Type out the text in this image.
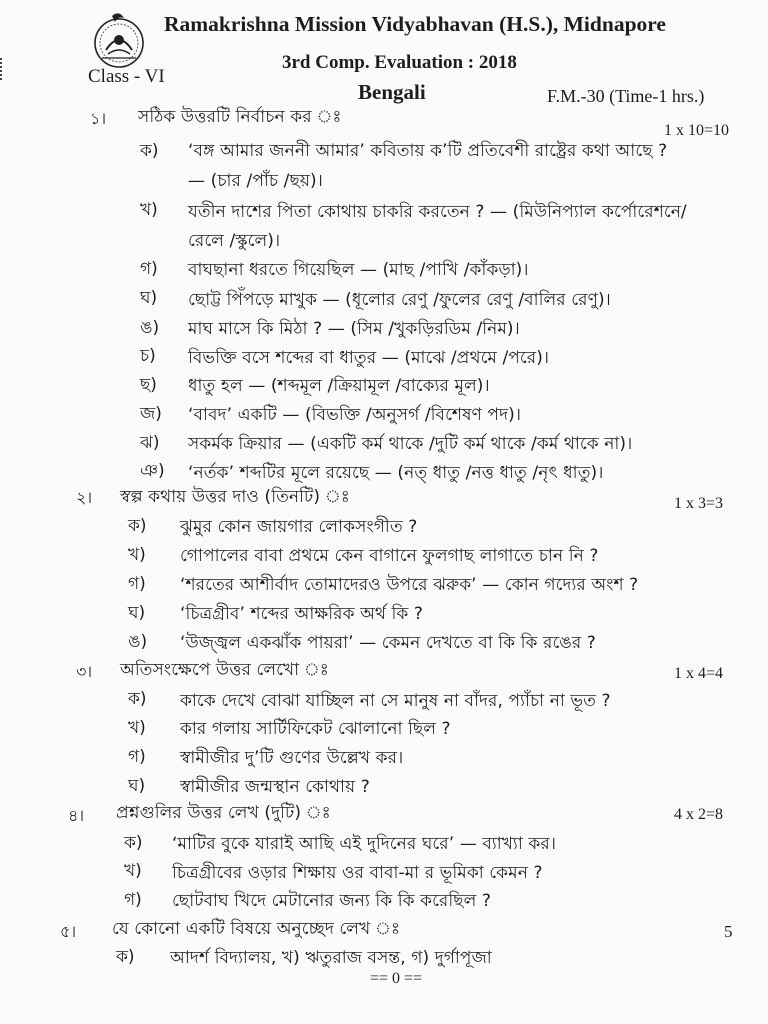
Ramakrishna Mission Vidyabhavan (H.S.), Midnapore
3rd Comp. Evaluation : 2018
Class - VI
Bengali	F.M.-30 (Time-1 hrs.)
১। সঠিক উত্তরটি নির্বাচন কর ঃ
1 x 10=10
ক) ‘বঙ্গ আমার জননী আমার’ কবিতায় ক’টি প্রতিবেশী রাষ্ট্রের কথা আছে ?
— (চার /পাঁচ /ছয়)।
খ) যতীন দাশের পিতা কোথায় চাকরি করতেন ? — (মিউনিপ্যাল কর্পোরেশনে/
রেলে /স্কুলে)।
গ) বাঘছানা ধরতে গিয়েছিল — (মাছ /পাখি /কাঁকড়া)।
ঘ) ছোট্ট পিঁপড়ে মাখুক — (ধূলোর রেণু /ফুলের রেণু /বালির রেণু)।
ঙ) মাঘ মাসে কি মিঠা ? — (সিম /খুকড়িরডিম /নিম)।
চ) বিভক্তি বসে শব্দের বা ধাতুর — (মাঝে /প্রথমে /পরে)।
ছ) ধাতু হল — (শব্দমূল /ক্রিয়ামূল /বাক্যের মূল)।
জ) ‘বাবদ’ একটি — (বিভক্তি /অনুসর্গ /বিশেষণ পদ)।
ঝ) সকর্মক ক্রিয়ার — (একটি কর্ম থাকে /দুটি কর্ম থাকে /কর্ম থাকে না)।
ঞ) ‘নর্তক’ শব্দটির মূলে রয়েছে — (নত্ ধাতু /নত্ত ধাতু /নৃৎ ধাতু)।
২। স্বল্প কথায় উত্তর দাও (তিনটি) ঃ	1 x 3=3
ক) ঝুমুর কোন জায়গার লোকসংগীত ?
খ) গোপালের বাবা প্রথমে কেন বাগানে ফুলগাছ লাগাতে চান নি ?
গ) ‘শরতের আশীর্বাদ তোমাদেরও উপরে ঝরুক’ — কোন গদ্যের অংশ ?
ঘ) ‘চিত্রগ্রীব’ শব্দের আক্ষরিক অর্থ কি ?
ঙ) ‘উজ্জ্বল একঝাঁক পায়রা’ — কেমন দেখতে বা কি কি রঙের ?
৩। অতিসংক্ষেপে উত্তর লেখো ঃ	1 x 4=4
ক) কাকে দেখে বোঝা যাচ্ছিল না সে মানুষ না বাঁদর, প্যাঁচা না ভূত ?
খ) কার গলায় সার্টিফিকেট ঝোলানো ছিল ?
গ) স্বামীজীর দু’টি গুণের উল্লেখ কর।
ঘ) স্বামীজীর জন্মস্থান কোথায় ?
৪। প্রশ্নগুলির উত্তর লেখ (দুটি) ঃ	4 x 2=8
ক) ‘মাটির বুকে যারাই আছি এই দুদিনের ঘরে’ — ব্যাখ্যা কর।
খ) চিত্রগ্রীবের ওড়ার শিক্ষায় ওর বাবা-মা র ভূমিকা কেমন ?
গ) ছোটবাঘ খিদে মেটানোর জন্য কি কি করেছিল ?
৫। যে কোনো একটি বিষয়ে অনুচ্ছেদ লেখ ঃ	5
ক) আদর্শ বিদ্যালয়, খ) ঋতুরাজ বসন্ত, গ) দুর্গাপূজা
== 0 ==
